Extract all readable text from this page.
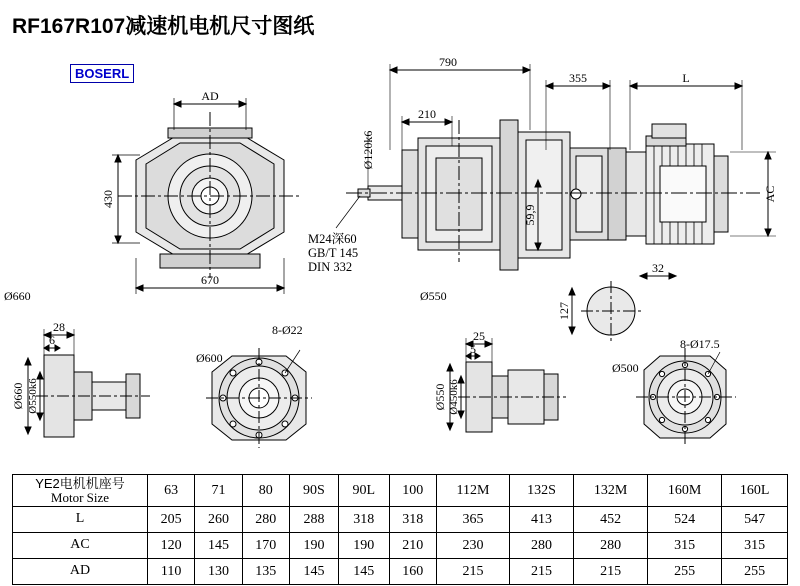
RF167R107减速机电机尺寸图纸
BOSERL
790
355	L
210
AD
670
32
28
6	25
5
Ø660	Ø550
Ø600
Ø500
8-Ø22
8-Ø17.5
430	AC
127
59,9
Ø120k6
Ø660 Ø550k6	Ø550 Ø450k6
M24深60
GB/T 145
DIN 332
YE2电机机座号
Motor Size	63	71	80	90S	90L	100	112M	132S	132M	160M	160L
L	205	260	280	288	318	318	365	413	452	524	547
AC	120	145	170	190	190	210	230	280	280	315	315
AD	110	130	135	145	145	160	215	215	215	255	255
